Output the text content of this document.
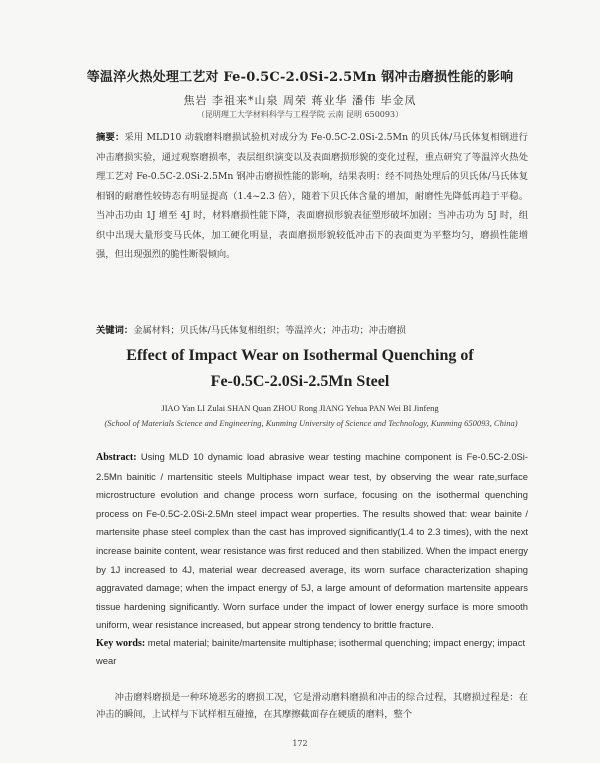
等温淬火热处理工艺对 Fe-0.5C-2.0Si-2.5Mn 钢冲击磨损性能的影响
焦岩 李祖来*山泉 周荣 蒋业华 潘伟 毕金凤
（昆明理工大学材料科学与工程学院 云南 昆明 650093）
摘要：采用 MLD10 动载磨料磨损试验机对成分为 Fe-0.5C-2.0Si-2.5Mn 的贝氏体/马氏体复相钢进行冲击磨损实验，通过观察磨损率，表层组织演变以及表面磨损形貌的变化过程，重点研究了等温淬火热处理工艺对 Fe-0.5C-2.0Si-2.5Mn 钢冲击磨损性能的影响，结果表明：经不同热处理后的贝氏体/马氏体复相钢的耐磨性较铸态有明显提高（1.4~2.3 倍），随着下贝氏体含量的增加，耐磨性先降低再趋于平稳。当冲击功由 1J 增至 4J 时，材料磨损性能下降，表面磨损形貌表征塑形破坏加剧；当冲击功为 5J 时，组织中出现大量形变马氏体，加工硬化明显，表面磨损形貌较低冲击下的表面更为平整均匀，磨损性能增强，但出现强烈的脆性断裂倾向。
关键词：金属材料；贝氏体/马氏体复相组织；等温淬火；冲击功；冲击磨损
Effect of Impact Wear on Isothermal Quenching of
Fe-0.5C-2.0Si-2.5Mn Steel
JIAO Yan LI Zulai SHAN Quan ZHOU Rong JIANG Yehua PAN Wei BI Jinfeng
(School of Materials Science and Engineering, Kunming University of Science and Technology, Kunming 650093, China)
Abstract: Using MLD 10 dynamic load abrasive wear testing machine component is Fe-0.5C-2.0Si-2.5Mn bainitic / martensitic steels Multiphase impact wear test, by observing the wear rate,surface microstructure evolution and change process worn surface, focusing on the isothermal quenching process on Fe-0.5C-2.0Si-2.5Mn steel impact wear properties. The results showed that: wear bainite / martensite phase steel complex than the cast has improved significantly(1.4 to 2.3 times), with the next increase bainite content, wear resistance was first reduced and then stabilized. When the impact energy by 1J increased to 4J, material wear decreased average, its worn surface characterization shaping aggravated damage; when the impact energy of 5J, a large amount of deformation martensite appears tissue hardening significantly. Worn surface under the impact of lower energy surface is more smooth uniform, wear resistance increased, but appear strong tendency to brittle fracture.
Key words: metal material; bainite/martensite multiphase; isothermal quenching; impact energy; impact wear
冲击磨料磨损是一种环境恶劣的磨损工况，它是滑动磨料磨损和冲击的综合过程，其磨损过程是：在冲击的瞬间，上试样与下试样相互碰撞，在其摩擦截面存在硬质的磨料，整个
172
